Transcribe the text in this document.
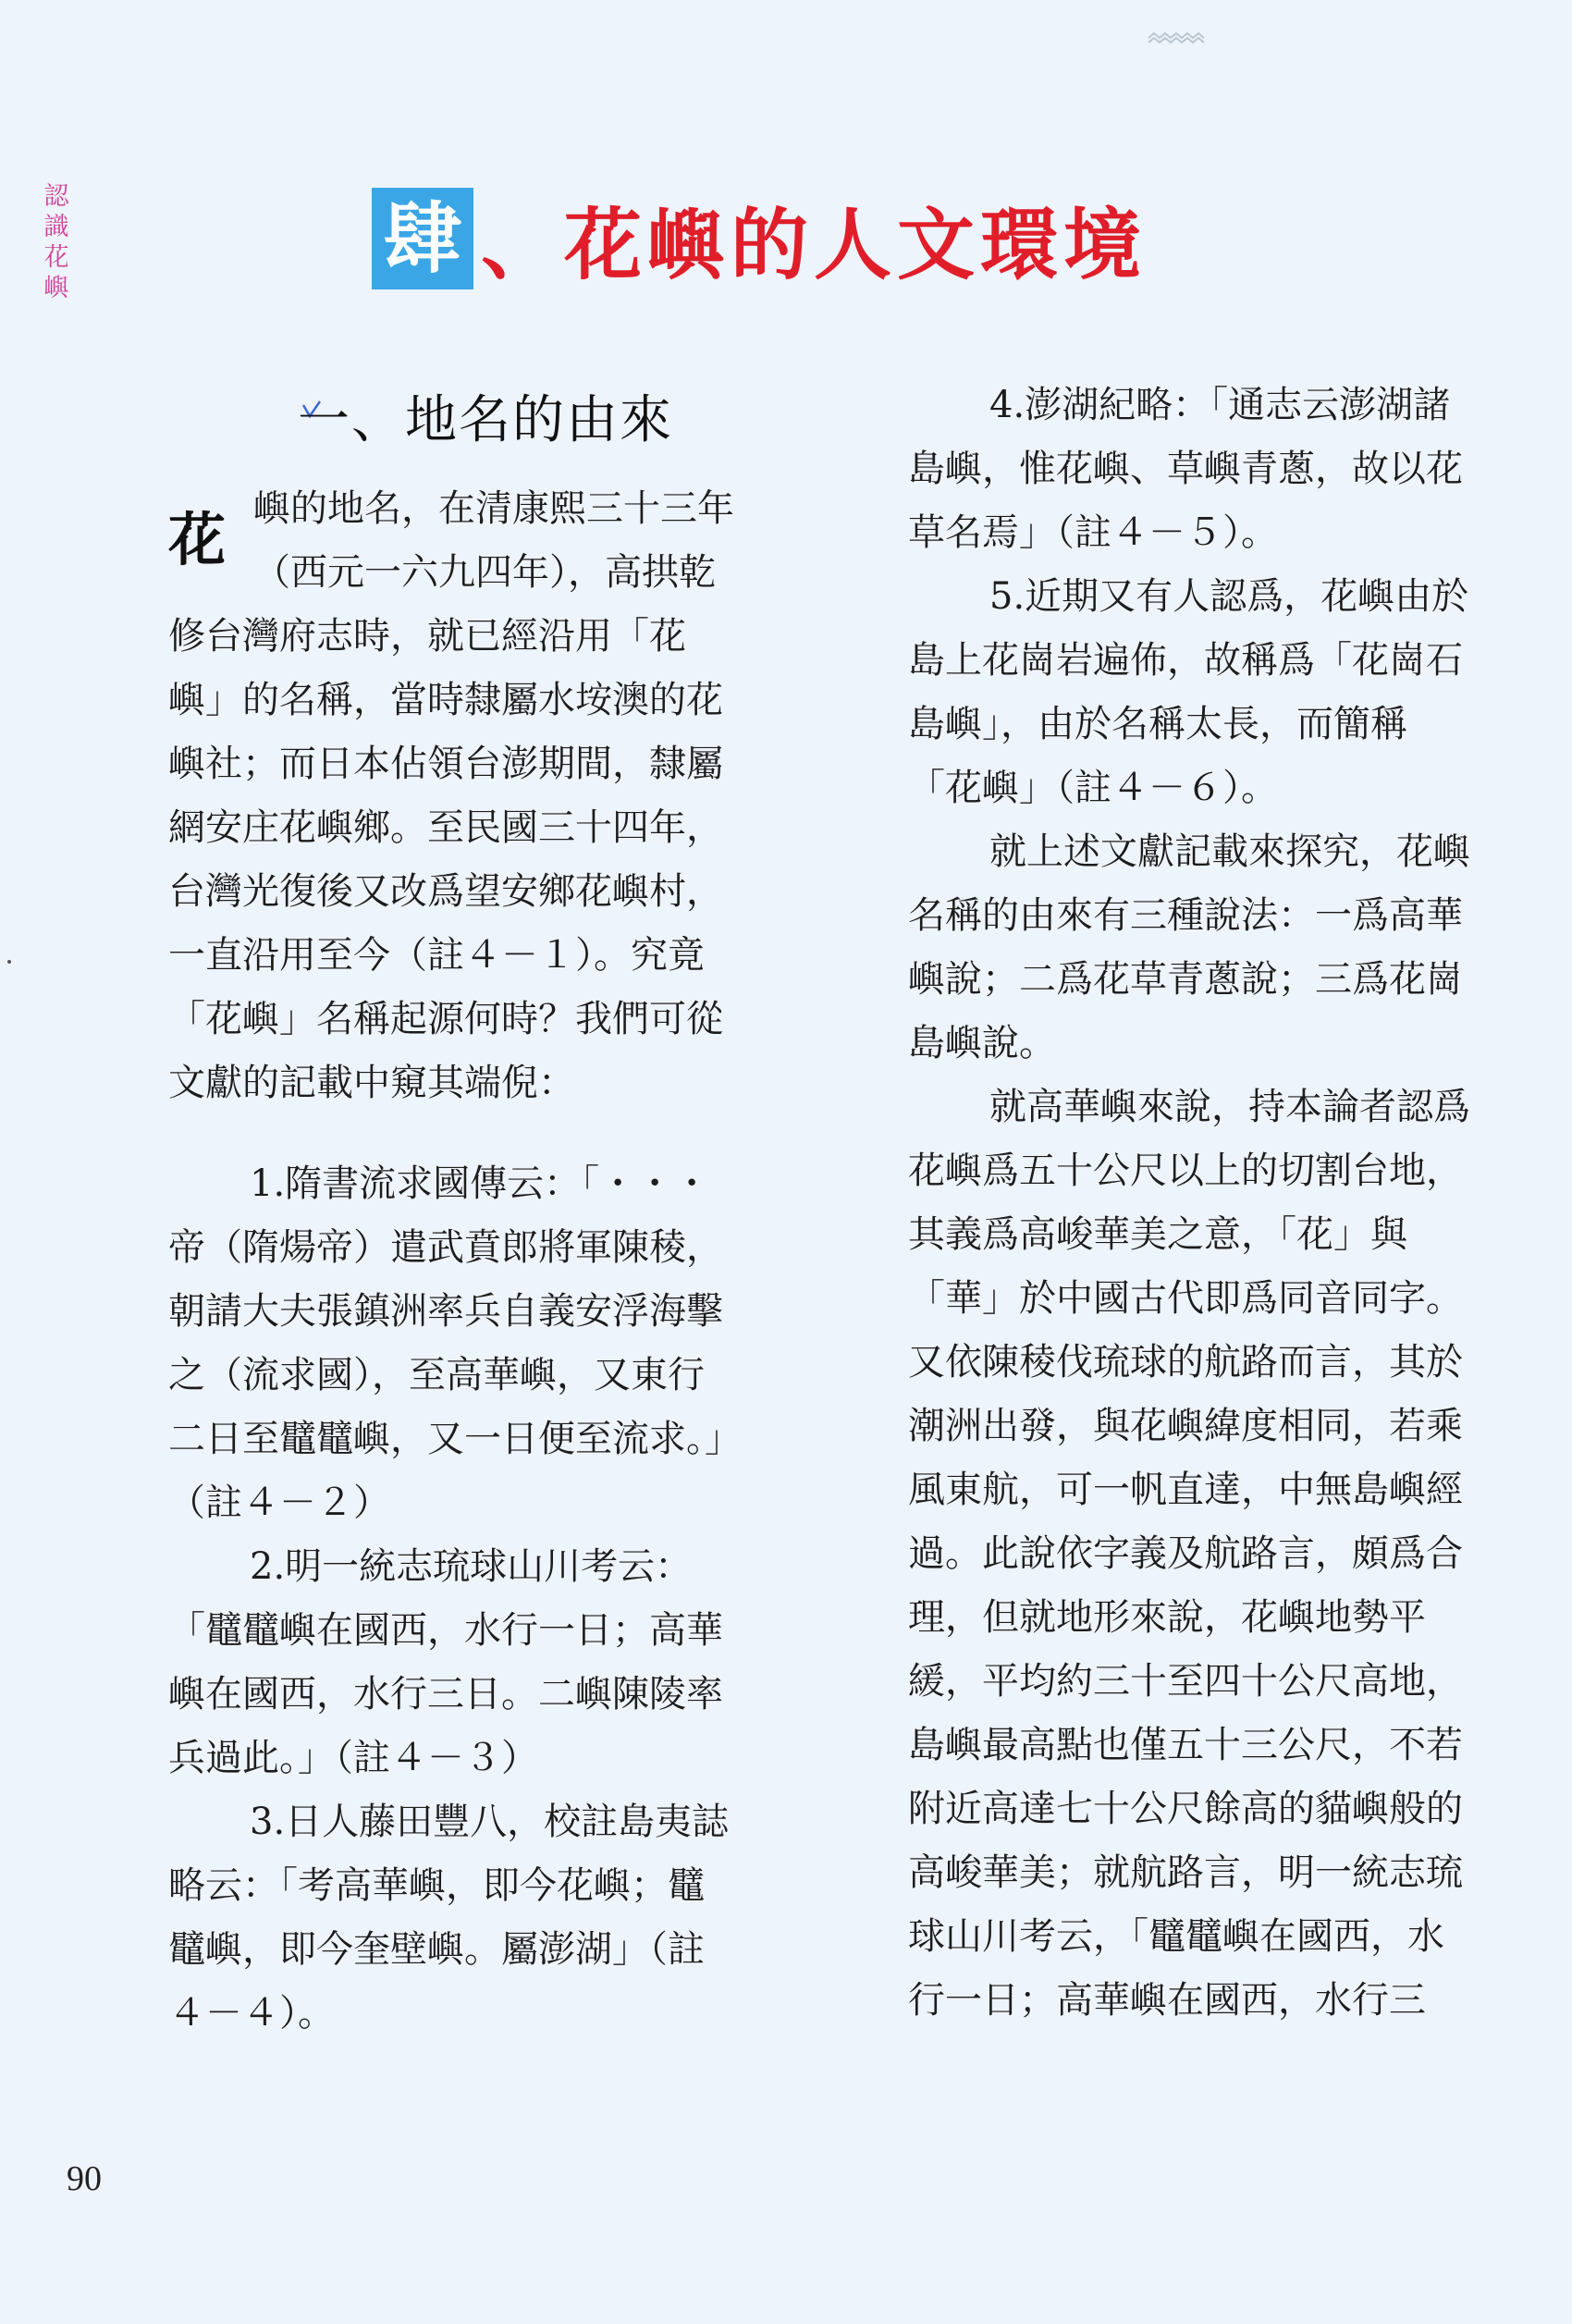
認
識
花
嶼
肆 、花嶼的人文環境
一、地名的由來
花 嶼的地名，在清康熙三十三年

（西元一六九四年），高拱乾

修台灣府志時，就已經沿用「花

嶼」的名稱，當時隸屬水垵澳的花

嶼社；而日本佔領台澎期間，隸屬

網安庄花嶼鄉。至民國三十四年，

台灣光復後又改爲望安鄉花嶼村，

一直沿用至今（註４－１）。究竟

「花嶼」名稱起源何時？我們可從

文獻的記載中窺其端倪：

1.隋書流求國傳云：「・・・

帝（隋煬帝）遣武賁郎將軍陳稜，

朝請大夫張鎮洲率兵自義安浮海擊

之（流求國），至高華嶼，又東行

二日至鼊鼊嶼，又一日便至流求。」

（註４－２）

2.明一統志琉球山川考云：

「鼊鼊嶼在國西，水行一日；高華

嶼在國西，水行三日。二嶼陳陵率

兵過此。」（註４－３）

3.日人藤田豐八，校註島夷誌

略云：「考高華嶼，即今花嶼；鼊

鼊嶼，即今奎壁嶼。屬澎湖」（註

４－４）。

4.澎湖紀略：「通志云澎湖諸

島嶼，惟花嶼、草嶼青蔥，故以花

草名焉」（註４－５）。

5.近期又有人認爲，花嶼由於

島上花崗岩遍佈，故稱爲「花崗石

島嶼」，由於名稱太長，而簡稱

「花嶼」（註４－６）。

就上述文獻記載來探究，花嶼

名稱的由來有三種說法：一爲高華

嶼說；二爲花草青蔥說；三爲花崗

島嶼說。

就高華嶼來說，持本論者認爲

花嶼爲五十公尺以上的切割台地，

其義爲高峻華美之意，「花」與

「華」於中國古代即爲同音同字。

又依陳稜伐琉球的航路而言，其於

潮洲出發，與花嶼緯度相同，若乘

風東航，可一帆直達，中無島嶼經

過。此說依字義及航路言，頗爲合

理，但就地形來說，花嶼地勢平

緩，平均約三十至四十公尺高地，

島嶼最高點也僅五十三公尺，不若

附近高達七十公尺餘高的貓嶼般的

高峻華美；就航路言，明一統志琉

球山川考云，「鼊鼊嶼在國西，水

行一日；高華嶼在國西，水行三

90
